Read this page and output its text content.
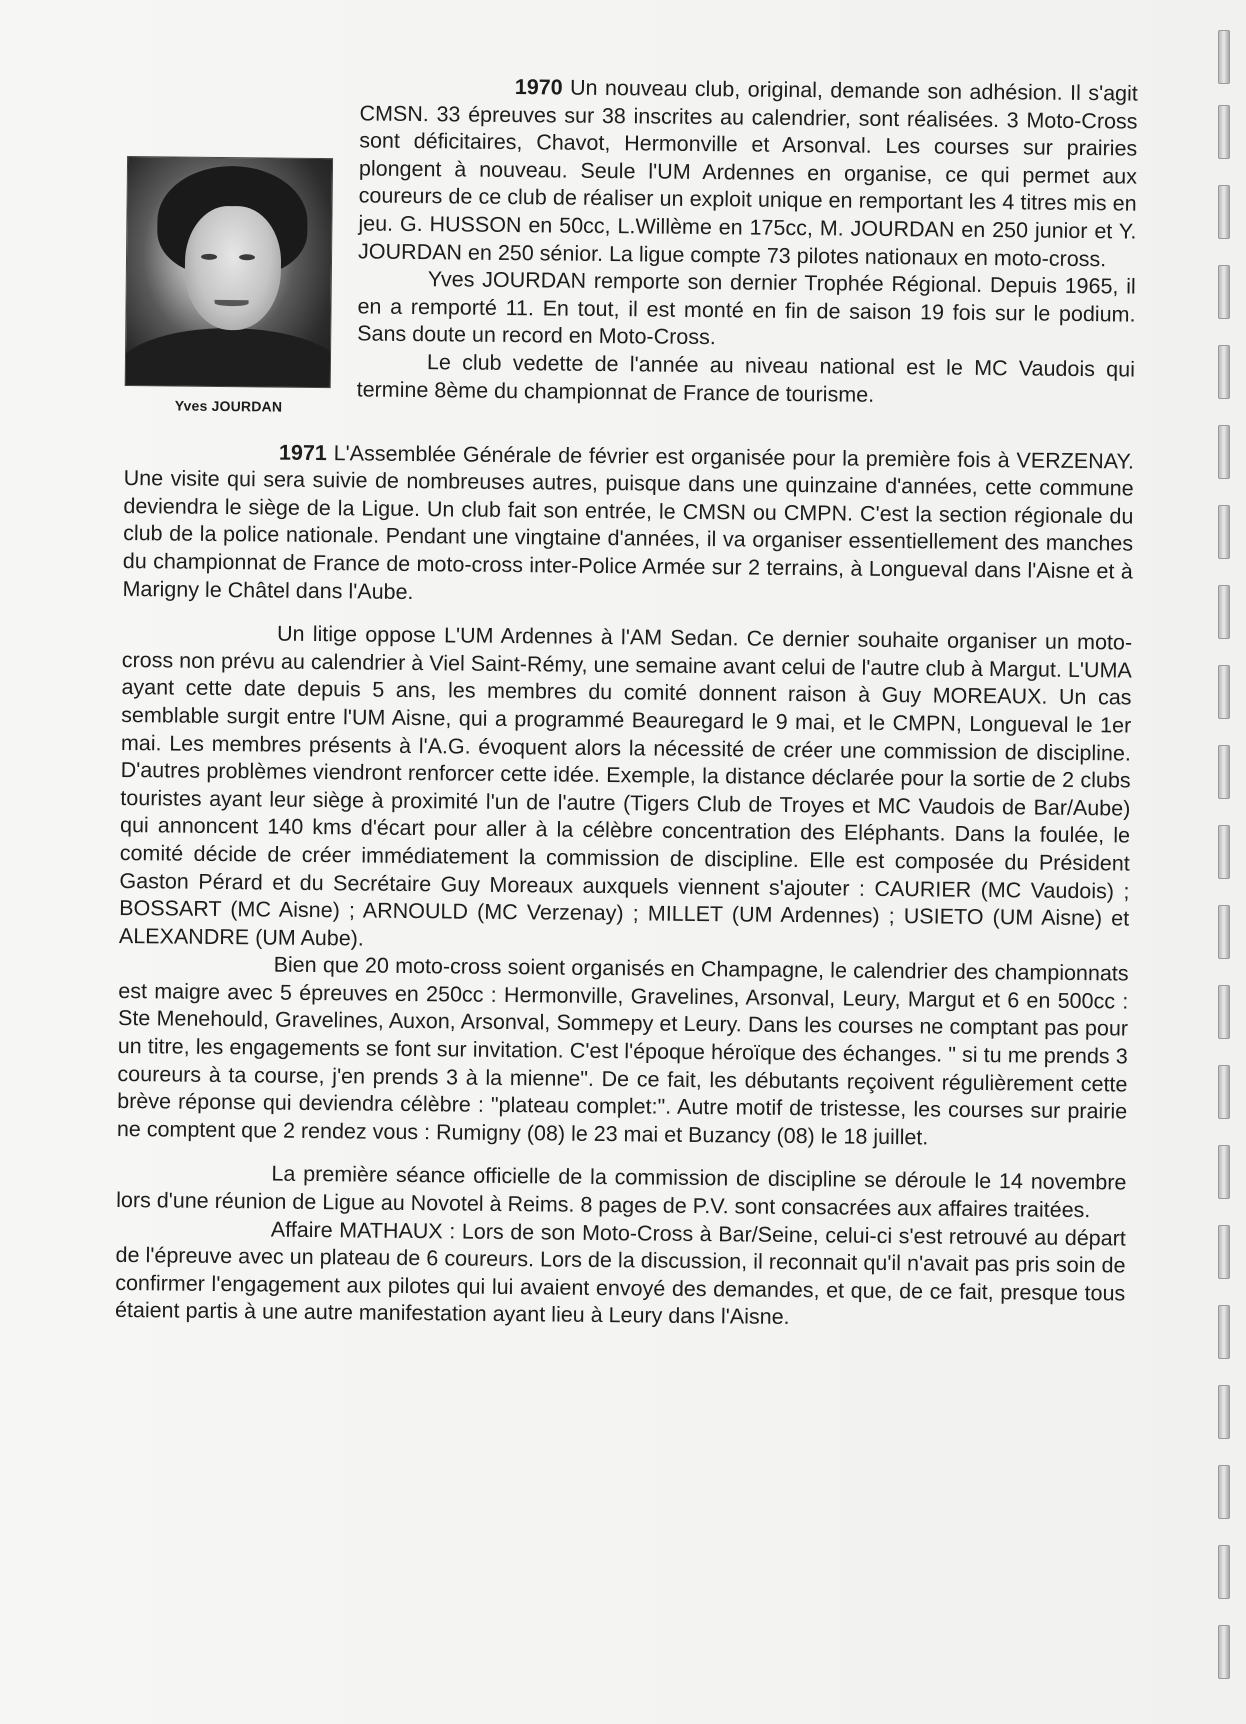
Yves JOURDAN

1970 Un nouveau club, original, demande son adhésion. Il s'agit CMSN. 33 épreuves sur 38 inscrites au calendrier, sont réalisées. 3 Moto-Cross sont déficitaires, Chavot, Hermonville et Arsonval. Les courses sur prairies plongent à nouveau. Seule l'UM Ardennes en organise, ce qui permet aux coureurs de ce club de réaliser un exploit unique en remportant les 4 titres mis en jeu. G. HUSSON en 50cc, L.Willème en 175cc, M. JOURDAN en 250 junior et Y. JOURDAN en 250 sénior. La ligue compte 73 pilotes nationaux en moto-cross.

Yves JOURDAN remporte son dernier Trophée Régional. Depuis 1965, il en a remporté 11. En tout, il est monté en fin de saison 19 fois sur le podium. Sans doute un record en Moto-Cross.

Le club vedette de l'année au niveau national est le MC Vaudois qui termine 8ème du championnat de France de tourisme.

1971 L'Assemblée Générale de février est organisée pour la première fois à VERZENAY. Une visite qui sera suivie de nombreuses autres, puisque dans une quinzaine d'années, cette commune deviendra le siège de la Ligue. Un club fait son entrée, le CMSN ou CMPN. C'est la section régionale du club de la police nationale. Pendant une vingtaine d'années, il va organiser essentiellement des manches du championnat de France de moto-cross inter-Police Armée sur 2 terrains, à Longueval dans l'Aisne et à Marigny le Châtel dans l'Aube.

Un litige oppose L'UM Ardennes à l'AM Sedan. Ce dernier souhaite organiser un moto-cross non prévu au calendrier à Viel Saint-Rémy, une semaine avant celui de l'autre club à Margut. L'UMA ayant cette date depuis 5 ans, les membres du comité donnent raison à Guy MOREAUX. Un cas semblable surgit entre l'UM Aisne, qui a programmé Beauregard le 9 mai, et le CMPN, Longueval le 1er mai. Les membres présents à l'A.G. évoquent alors la nécessité de créer une commission de discipline. D'autres problèmes viendront renforcer cette idée. Exemple, la distance déclarée pour la sortie de 2 clubs touristes ayant leur siège à proximité l'un de l'autre (Tigers Club de Troyes et MC Vaudois de Bar/Aube) qui annoncent 140 kms d'écart pour aller à la célèbre concentration des Eléphants. Dans la foulée, le comité décide de créer immédiatement la commission de discipline. Elle est composée du Président Gaston Pérard et du Secrétaire Guy Moreaux auxquels viennent s'ajouter : CAURIER (MC Vaudois) ; BOSSART (MC Aisne) ; ARNOULD (MC Verzenay) ; MILLET (UM Ardennes) ; USIETO (UM Aisne) et ALEXANDRE (UM Aube).

Bien que 20 moto-cross soient organisés en Champagne, le calendrier des championnats est maigre avec 5 épreuves en 250cc : Hermonville, Gravelines, Arsonval, Leury, Margut et 6 en 500cc : Ste Menehould, Gravelines, Auxon, Arsonval, Sommepy et Leury. Dans les courses ne comptant pas pour un titre, les engagements se font sur invitation. C'est l'époque héroïque des échanges. " si tu me prends 3 coureurs à ta course, j'en prends 3 à la mienne". De ce fait, les débutants reçoivent régulièrement cette brève réponse qui deviendra célèbre : "plateau complet:". Autre motif de tristesse, les courses sur prairie ne comptent que 2 rendez vous : Rumigny (08) le 23 mai et Buzancy (08) le 18 juillet.

La première séance officielle de la commission de discipline se déroule le 14 novembre lors d'une réunion de Ligue au Novotel à Reims. 8 pages de P.V. sont consacrées aux affaires traitées.

Affaire MATHAUX : Lors de son Moto-Cross à Bar/Seine, celui-ci s'est retrouvé au départ de l'épreuve avec un plateau de 6 coureurs. Lors de la discussion, il reconnait qu'il n'avait pas pris soin de confirmer l'engagement aux pilotes qui lui avaient envoyé des demandes, et que, de ce fait, presque tous étaient partis à une autre manifestation ayant lieu à Leury dans l'Aisne.
